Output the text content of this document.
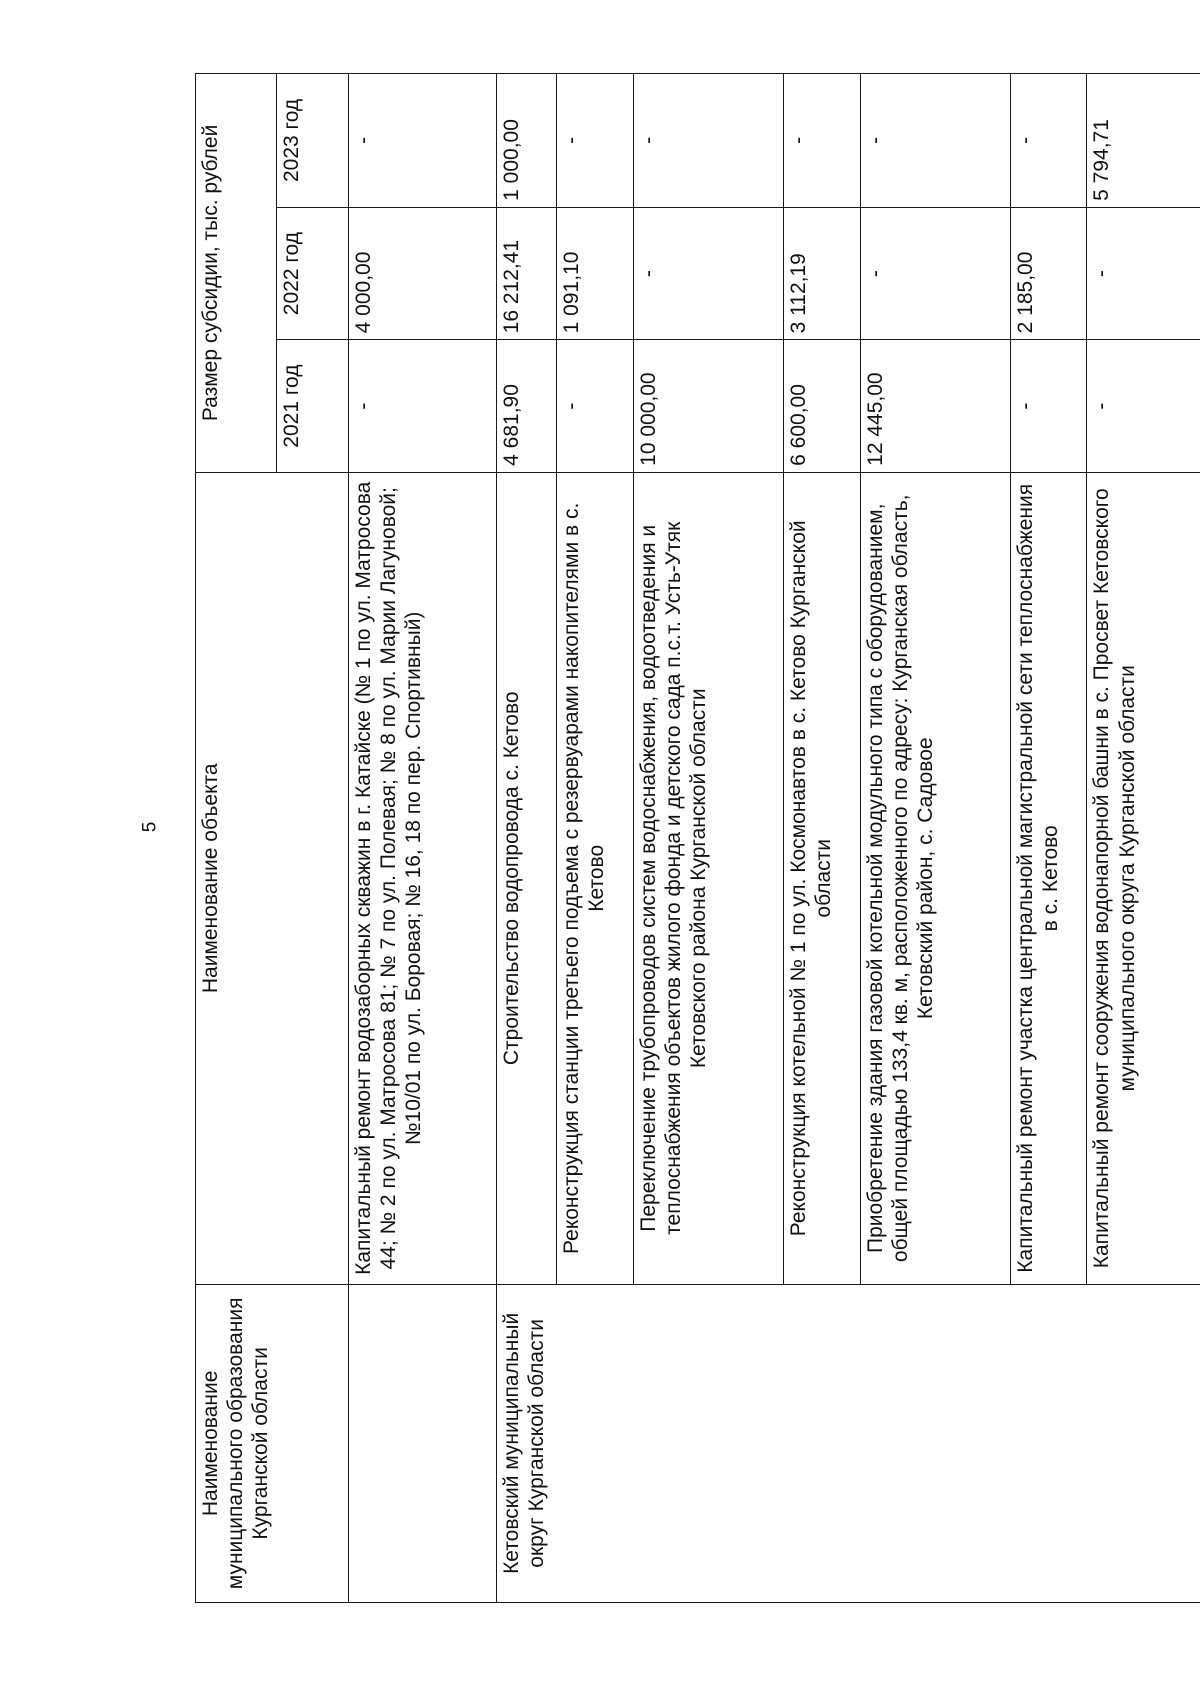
5
Наименование муниципального образования Курганской области	Наименование объекта	Размер субсидии, тыс. рублей		
		2021 год	2022 год	2023 год
	Капитальный ремонт водозаборных скважин в г. Катайске (№ 1 по ул. Матросова 44; № 2 по ул. Матросова 81; № 7 по ул. Полевая; № 8 по ул. Марии Лагуновой; №10/01 по ул. Боровая; № 16, 18 по пер. Спортивный)	-	4 000,00	-
Кетовский муниципальный округ Курганской области	Строительство водопровода с. Кетово	4 681,90	16 212,41	1 000,00
	Реконструкция станции третьего подъема с резервуарами накопителями в с. Кетово	-	1 091,10	-
	Переключение трубопроводов систем водоснабжения, водоотведения и теплоснабжения объектов жилого фонда и детского сада п.с.т. Усть-Утяк Кетовского района Курганской области	10 000,00	-	-
	Реконструкция котельной № 1 по ул. Космонавтов в с. Кетово Курганской области	6 600,00	3 112,19	-
	Приобретение здания газовой котельной модульного типа с оборудованием, общей площадью 133,4 кв. м, расположенного по адресу: Курганская область, Кетовский район, с. Садовое	12 445,00	-	-
	Капитальный ремонт участка центральной магистральной сети теплоснабжения в с. Кетово	-	2 185,00	-
	Капитальный ремонт сооружения водонапорной башни в с. Просвет Кетовского муниципального округа Курганской области	-	-	5 794,71
